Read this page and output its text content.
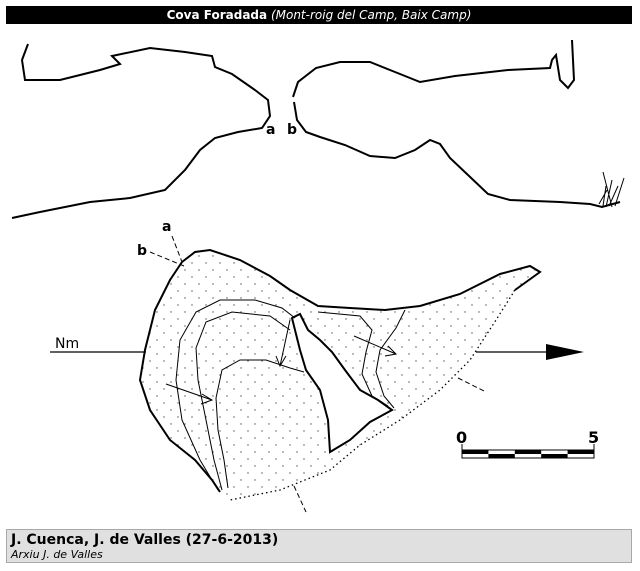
Cova Foradada (Mont-roig del Camp, Baix Camp)
a b
a
b
Nm
0	5
J. Cuenca, J. de Valles (27-6-2013)
Arxiu J. de Valles
